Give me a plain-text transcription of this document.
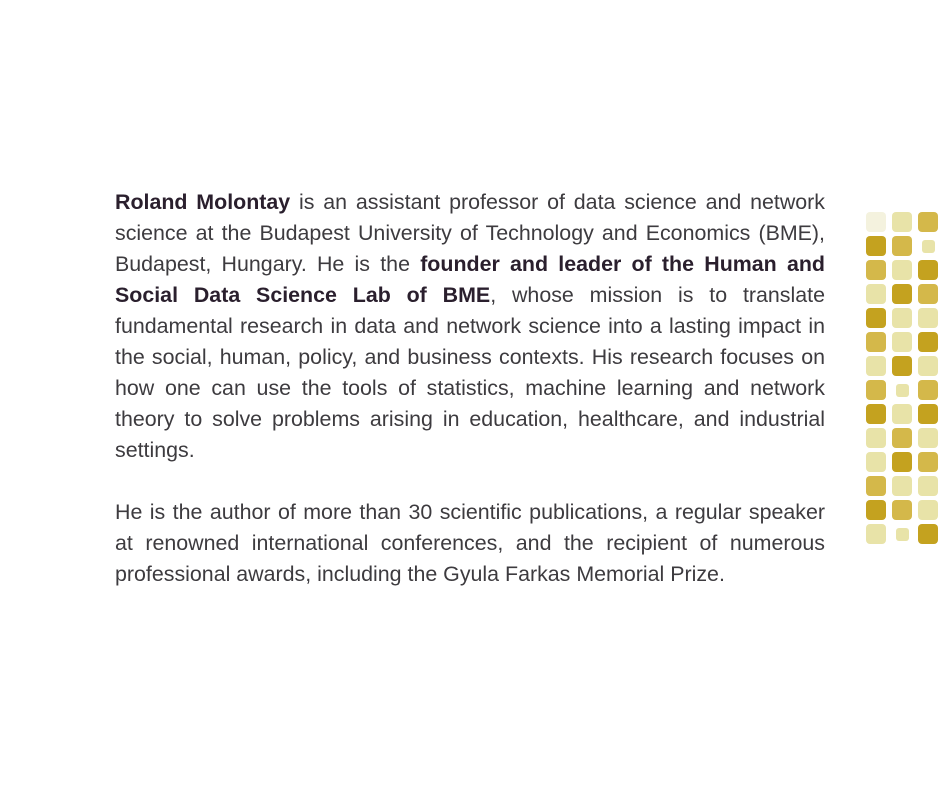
Roland Molontay is an assistant professor of data science and network science at the Budapest University of Technology and Economics (BME), Budapest, Hungary. He is the founder and leader of the Human and Social Data Science Lab of BME, whose mission is to translate fundamental research in data and network science into a lasting impact in the social, human, policy, and business contexts. His research focuses on how one can use the tools of statistics, machine learning and network theory to solve problems arising in education, healthcare, and industrial settings.

He is the author of more than 30 scientific publications, a regular speaker at renowned international conferences, and the recipient of numerous professional awards, including the Gyula Farkas Memorial Prize.
